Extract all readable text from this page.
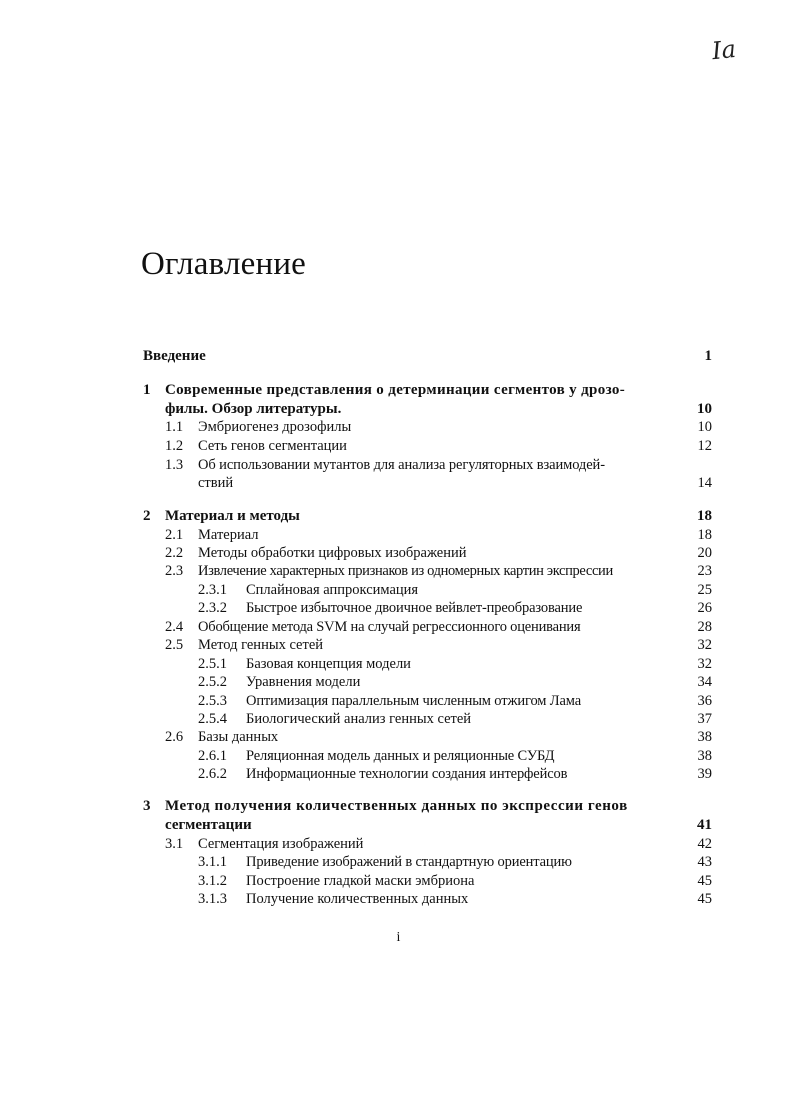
Іа
Оглавление
Введение	1
1 Современные представления о детерминации сегментов у дрозо-
филы. Обзор литературы.	10
1.1 Эмбриогенез дрозофилы	10
1.2 Сеть генов сегментации	12
1.3 Об использовании мутантов для анализа регуляторных взаимодей-
ствий	14
2 Материал и методы	18
2.1 Материал	18
2.2 Методы обработки цифровых изображений	20
2.3 Извлечение характерных признаков из одномерных картин экспрессии	23
2.3.1 Сплайновая аппроксимация	25
2.3.2 Быстрое избыточное двоичное вейвлет-преобразование	26
2.4 Обобщение метода SVM на случай регрессионного оценивания	28
2.5 Метод генных сетей	32
2.5.1 Базовая концепция модели	32
2.5.2 Уравнения модели	34
2.5.3 Оптимизация параллельным численным отжигом Лама	36
2.5.4 Биологический анализ генных сетей	37
2.6 Базы данных	38
2.6.1 Реляционная модель данных и реляционные СУБД	38
2.6.2 Информационные технологии создания интерфейсов	39
3 Метод получения количественных данных по экспрессии генов
сегментации	41
3.1 Сегментация изображений	42
3.1.1 Приведение изображений в стандартную ориентацию	43
3.1.2 Построение гладкой маски эмбриона	45
3.1.3 Получение количественных данных	45
i
